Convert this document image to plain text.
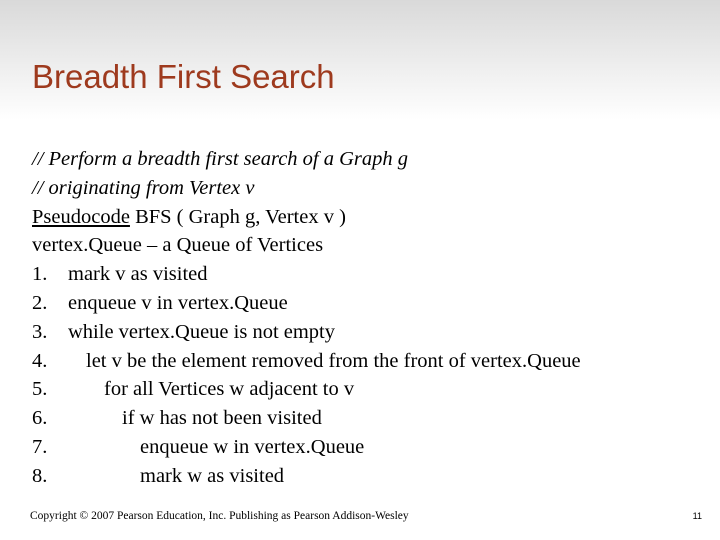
Breadth First Search
// Perform a breadth first search of a Graph g
// originating from Vertex v
Pseudocode BFS ( Graph g, Vertex v )
vertex.Queue – a Queue of Vertices
1. mark v as visited
2. enqueue v in vertex.Queue
3. while vertex.Queue is not empty
4. let v be the element removed from the front of vertex.Queue
5.	for all Vertices w adjacent to v
6.	if w has not been visited
7.	enqueue w in vertex.Queue
8.	mark w as visited
Copyright © 2007 Pearson Education, Inc. Publishing as Pearson Addison-Wesley	11
